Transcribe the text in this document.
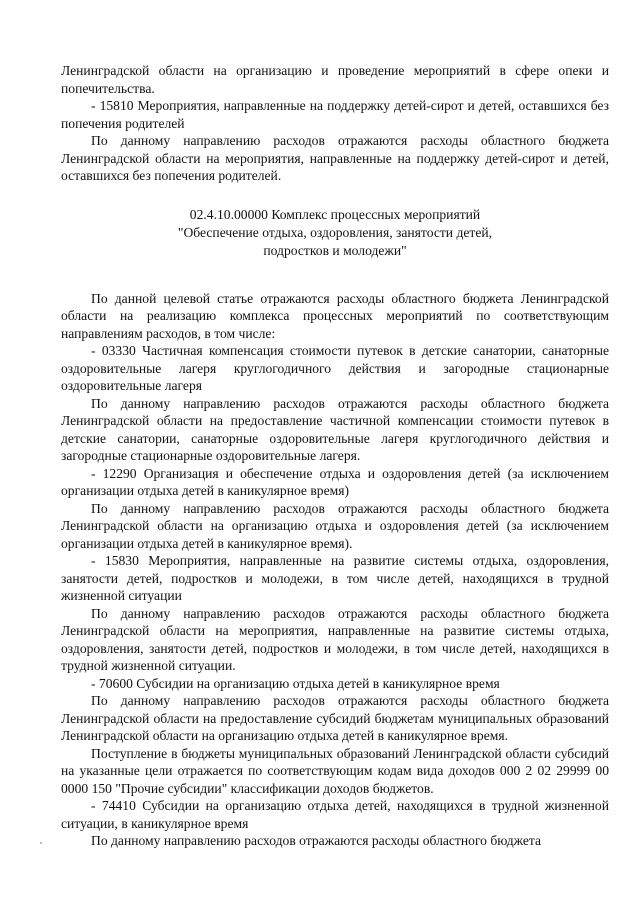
Ленинградской области на организацию и проведение мероприятий в сфере опеки и попечительства.

- 15810 Мероприятия, направленные на поддержку детей-сирот и детей, оставшихся без попечения родителей

По данному направлению расходов отражаются расходы областного бюджета Ленинградской области на мероприятия, направленные на поддержку детей-сирот и детей, оставшихся без попечения родителей.

02.4.10.00000 Комплекс процессных мероприятий
"Обеспечение отдыха, оздоровления, занятости детей,
подростков и молодежи"

По данной целевой статье отражаются расходы областного бюджета Ленинградской области на реализацию комплекса процессных мероприятий по соответствующим направлениям расходов, в том числе:

- 03330 Частичная компенсация стоимости путевок в детские санатории, санаторные оздоровительные лагеря круглогодичного действия и загородные стационарные оздоровительные лагеря

По данному направлению расходов отражаются расходы областного бюджета Ленинградской области на предоставление частичной компенсации стоимости путевок в детские санатории, санаторные оздоровительные лагеря круглогодичного действия и загородные стационарные оздоровительные лагеря.

- 12290 Организация и обеспечение отдыха и оздоровления детей (за исключением организации отдыха детей в каникулярное время)

По данному направлению расходов отражаются расходы областного бюджета Ленинградской области на организацию отдыха и оздоровления детей (за исключением организации отдыха детей в каникулярное время).

- 15830 Мероприятия, направленные на развитие системы отдыха, оздоровления, занятости детей, подростков и молодежи, в том числе детей, находящихся в трудной жизненной ситуации

По данному направлению расходов отражаются расходы областного бюджета Ленинградской области на мероприятия, направленные на развитие системы отдыха, оздоровления, занятости детей, подростков и молодежи, в том числе детей, находящихся в трудной жизненной ситуации.

- 70600 Субсидии на организацию отдыха детей в каникулярное время

По данному направлению расходов отражаются расходы областного бюджета Ленинградской области на предоставление субсидий бюджетам муниципальных образований Ленинградской области на организацию отдыха детей в каникулярное время.

Поступление в бюджеты муниципальных образований Ленинградской области субсидий на указанные цели отражается по соответствующим кодам вида доходов 000 2 02 29999 00 0000 150 "Прочие субсидии" классификации доходов бюджетов.

- 74410 Субсидии на организацию отдыха детей, находящихся в трудной жизненной ситуации, в каникулярное время

По данному направлению расходов отражаются расходы областного бюджета
